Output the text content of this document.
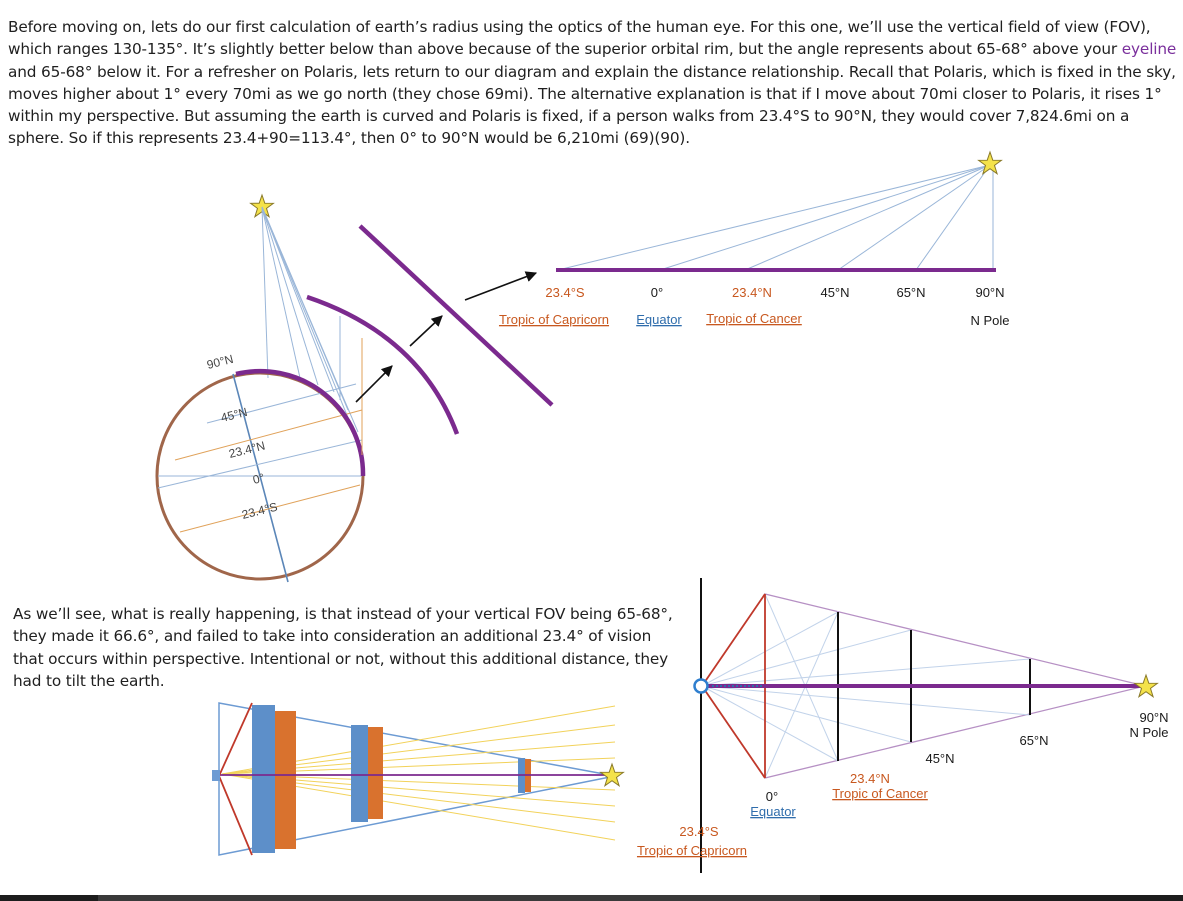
Before moving on, lets do our first calculation of earth’s radius using the optics of the human eye. For this one, we’ll use the vertical field of view (FOV), which ranges 130-135°. It’s slightly better below than above because of the superior orbital rim, but the angle represents about 65-68° above your eyeline and 65-68° below it. For a refresher on Polaris, lets return to our diagram and explain the distance relationship. Recall that Polaris, which is fixed in the sky, moves higher about 1° every 70mi as we go north (they chose 69mi). The alternative explanation is that if I move about 70mi closer to Polaris, it rises 1° within my perspective. But assuming the earth is curved and Polaris is fixed, if a person walks from 23.4°S to 90°N, they would cover 7,824.6mi on a sphere. So if this represents 23.4+90=113.4°, then 0° to 90°N would be 6,210mi (69)(90).

As we’ll see, what is really happening, is that instead of your vertical FOV being 65-68°, they made it 66.6°, and failed to take into consideration an additional 23.4° of vision that occurs within perspective. Intentional or not, without this additional distance, they had to tilt the earth.

90°N
45°N
23.4°N
0°
23.4°S
23.4°S	0°	23.4°N	45°N	65°N	90°N
Tropic of Capricorn Equator Tropic of Cancer	N Pole
90°N
N Pole
65°N
45°N
23.4°N
Tropic of Cancer
0°
Equator
23.4°S
Tropic of Capricorn
